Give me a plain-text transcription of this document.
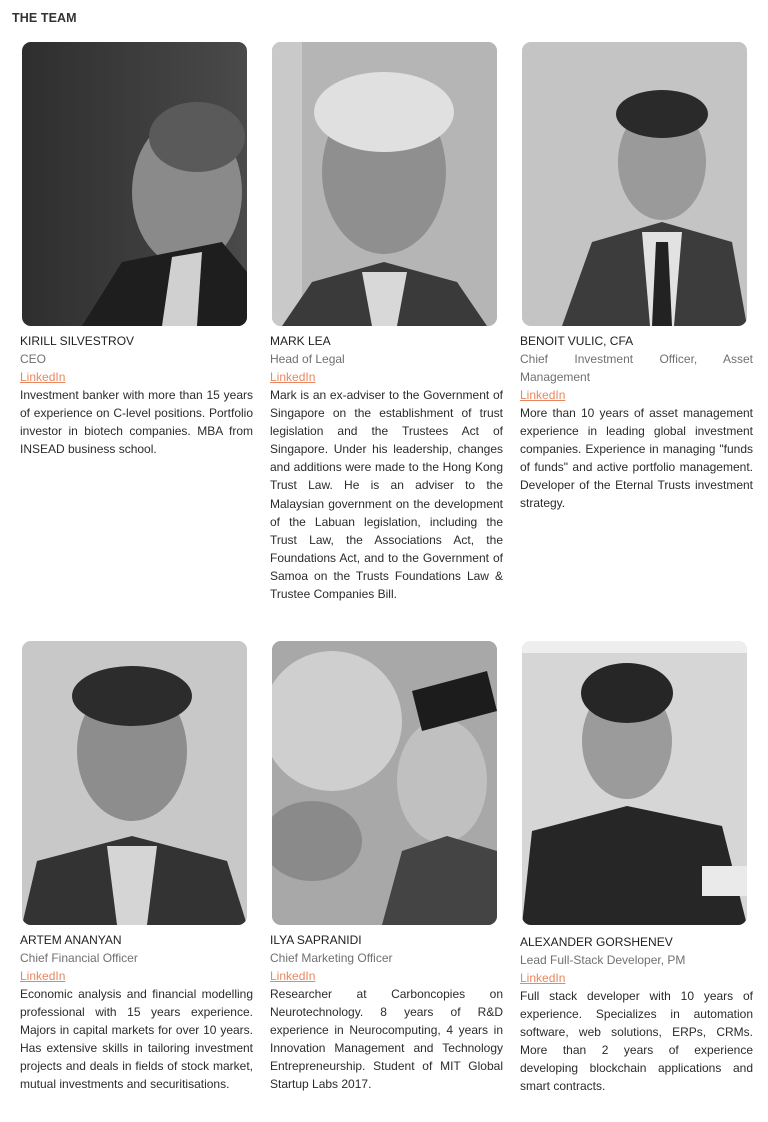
THE TEAM
KIRILL SILVESTROV
CEO
LinkedIn

Investment banker with more than 15 years of experience on C-level positions. Portfolio investor in biotech companies. MBA from INSEAD business school.

MARK LEA
Head of Legal
LinkedIn

Mark is an ex-adviser to the Government of Singapore on the establishment of trust legislation and the Trustees Act of Singapore. Under his leadership, changes and additions were made to the Hong Kong Trust Law. He is an adviser to the Malaysian government on the development of the Labuan legislation, including the Trust Law, the Associations Act, the Foundations Act, and to the Government of Samoa on the Trusts Foundations Law & Trustee Companies Bill.

BENOIT VULIC, CFA
Chief Investment Officer, Asset Management
LinkedIn

More than 10 years of asset management experience in leading global investment companies. Experience in managing "funds of funds" and active portfolio management. Developer of the Eternal Trusts investment strategy.

ARTEM ANANYAN
Chief Financial Officer
LinkedIn

Economic analysis and financial modelling professional with 15 years experience. Majors in capital markets for over 10 years. Has extensive skills in tailoring investment projects and deals in fields of stock market, mutual investments and securitisations.

ILYA SAPRANIDI
Chief Marketing Officer
LinkedIn

Researcher at Carboncopies on Neurotechnology. 8 years of R&D experience in Neurocomputing, 4 years in Innovation Management and Technology Entrepreneurship. Student of MIT Global Startup Labs 2017.

ALEXANDER GORSHENEV
Lead Full-Stack Developer, PM
LinkedIn

Full stack developer with 10 years of experience. Specializes in automation software, web solutions, ERPs, CRMs. More than 2 years of experience developing blockchain applications and smart contracts.
